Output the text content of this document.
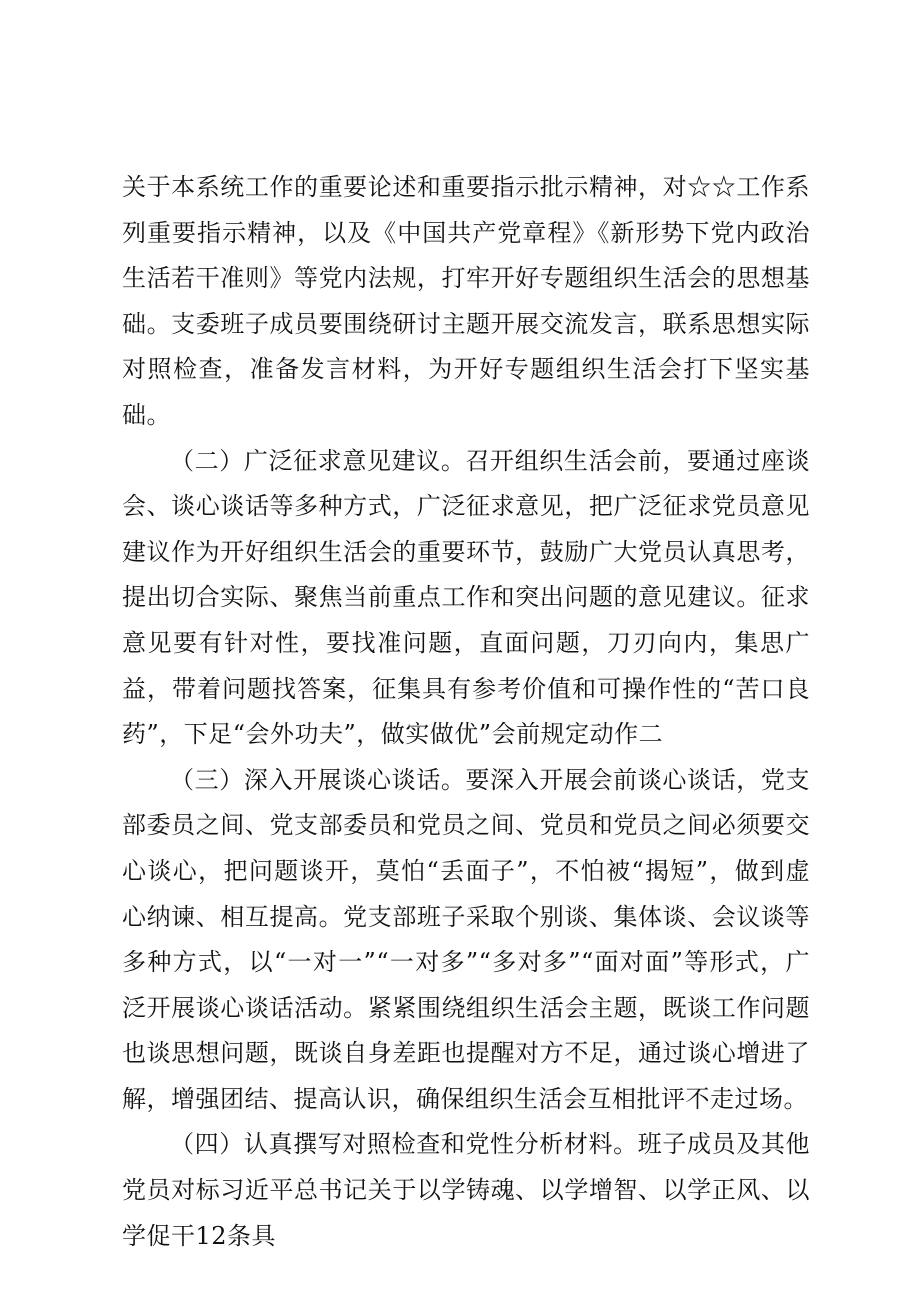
关于本系统工作的重要论述和重要指示批示精神，对☆☆工作系列重要指示精神，以及《中国共产党章程》《新形势下党内政治生活若干准则》等党内法规，打牢开好专题组织生活会的思想基础。支委班子成员要围绕研讨主题开展交流发言，联系思想实际对照检查，准备发言材料，为开好专题组织生活会打下坚实基础。

（二）广泛征求意见建议。召开组织生活会前，要通过座谈会、谈心谈话等多种方式，广泛征求意见，把广泛征求党员意见建议作为开好组织生活会的重要环节，鼓励广大党员认真思考，提出切合实际、聚焦当前重点工作和突出问题的意见建议。征求意见要有针对性，要找准问题，直面问题，刀刃向内，集思广益，带着问题找答案，征集具有参考价值和可操作性的“苦口良药”，下足“会外功夫”，做实做优”会前规定动作二

（三）深入开展谈心谈话。要深入开展会前谈心谈话，党支部委员之间、党支部委员和党员之间、党员和党员之间必须要交心谈心，把问题谈开，莫怕“丢面子”，不怕被“揭短”，做到虚心纳谏、相互提高。党支部班子采取个别谈、集体谈、会议谈等多种方式，以“一对一”“一对多”“多对多”“面对面”等形式，广泛开展谈心谈话活动。紧紧围绕组织生活会主题，既谈工作问题也谈思想问题，既谈自身差距也提醒对方不足，通过谈心增进了解，增强团结、提高认识，确保组织生活会互相批评不走过场。

（四）认真撰写对照检查和党性分析材料。班子成员及其他党员对标习近平总书记关于以学铸魂、以学增智、以学正风、以学促干12条具
